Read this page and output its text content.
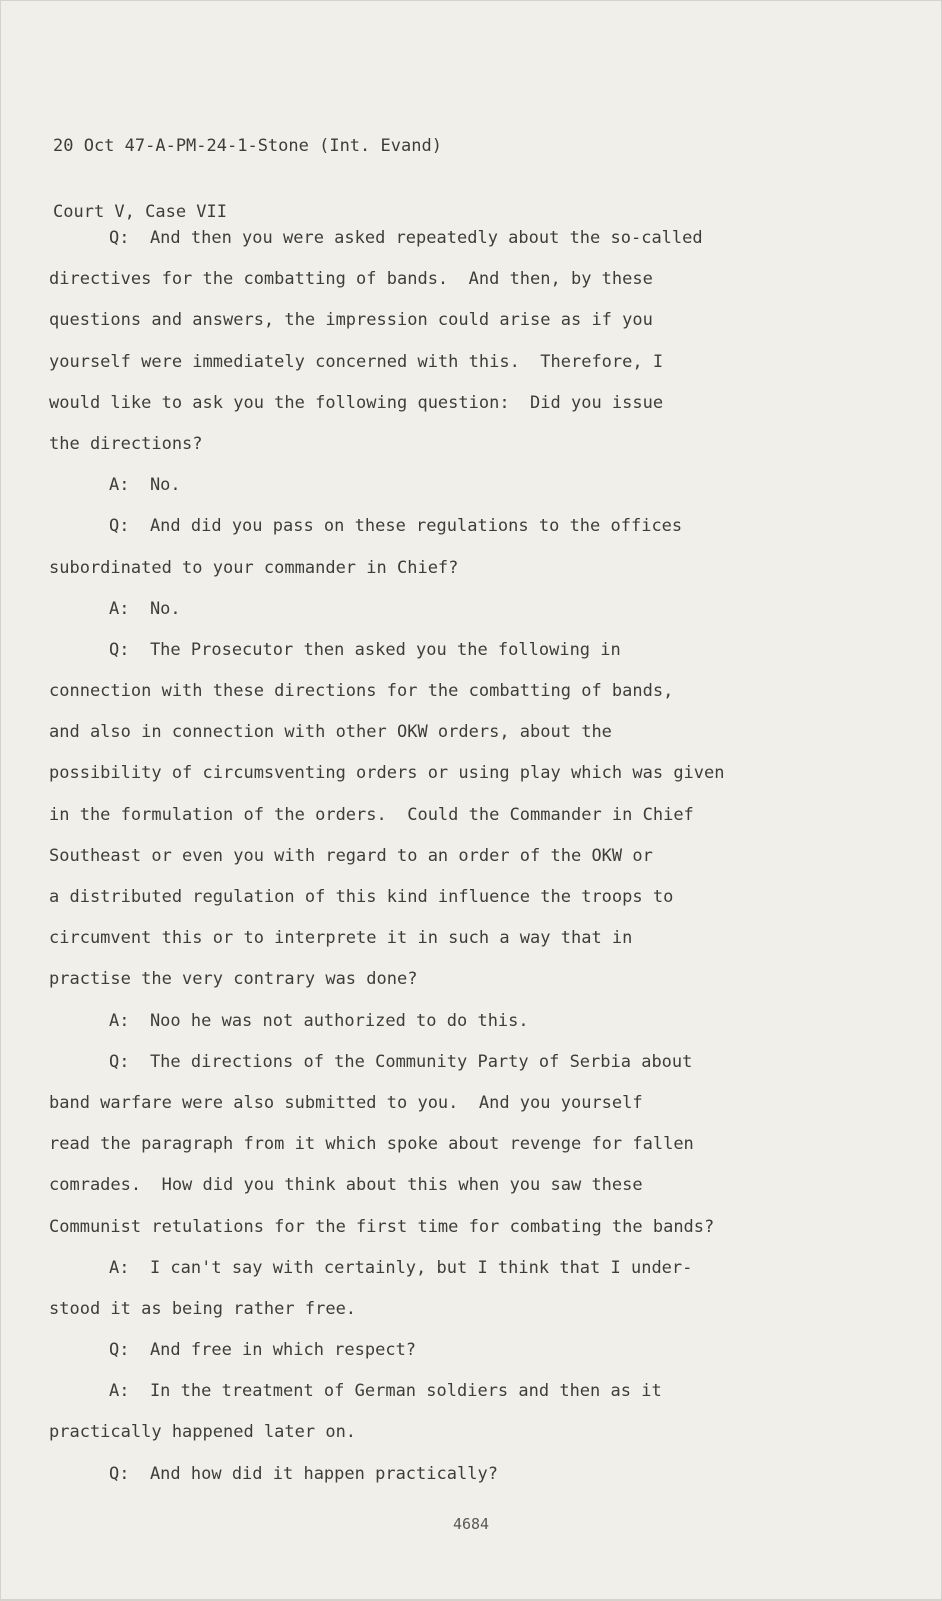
20 Oct 47-A-PM-24-1-Stone (Int. Evand)

Court V, Case VII

Q:  And then you were asked repeatedly about the so-called
directives for the combatting of bands.  And then, by these
questions and answers, the impression could arise as if you
yourself were immediately concerned with this.  Therefore, I
would like to ask you the following question:  Did you issue
the directions?
A:  No.
Q:  And did you pass on these regulations to the offices
subordinated to your commander in Chief?
A:  No.
Q:  The Prosecutor then asked you the following in
connection with these directions for the combatting of bands,
and also in connection with other OKW orders, about the
possibility of circumsventing orders or using play which was given
in the formulation of the orders.  Could the Commander in Chief
Southeast or even you with regard to an order of the OKW or
a distributed regulation of this kind influence the troops to
circumvent this or to interprete it in such a way that in
practise the very contrary was done?
A:  Noo he was not authorized to do this.
Q:  The directions of the Community Party of Serbia about
band warfare were also submitted to you.  And you yourself
read the paragraph from it which spoke about revenge for fallen
comrades.  How did you think about this when you saw these
Communist retulations for the first time for combating the bands?
A:  I can't say with certainly, but I think that I under-
stood it as being rather free.
Q:  And free in which respect?
A:  In the treatment of German soldiers and then as it
practically happened later on.
Q:  And how did it happen practically?
4684
